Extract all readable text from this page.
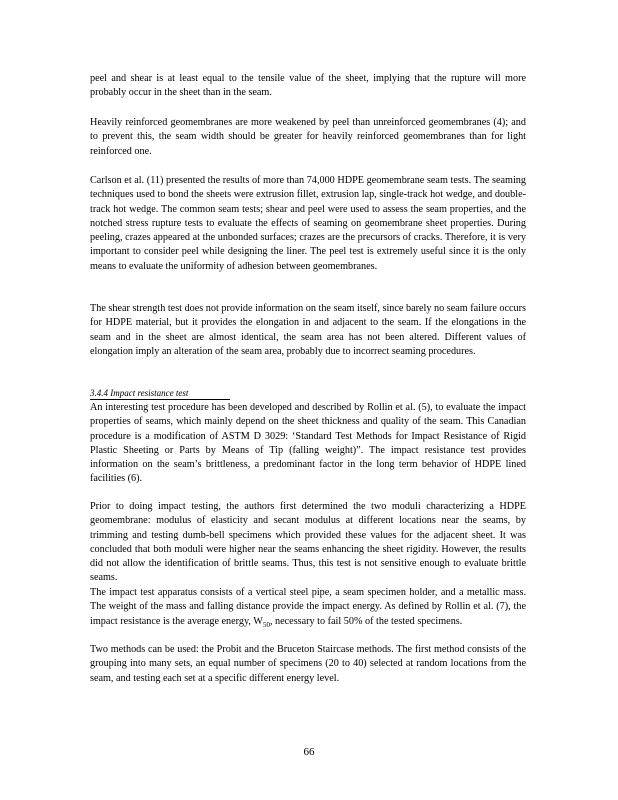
peel and shear is at least equal to the tensile value of the sheet, implying that the rupture will more probably occur in the sheet than in the seam.

Heavily reinforced geomembranes are more weakened by peel than unreinforced geomembranes (4); and to prevent this, the seam width should be greater for heavily reinforced geomembranes than for light reinforced one.

Carlson et al. (11) presented the results of more than 74,000 HDPE geomembrane seam tests. The seaming techniques used to bond the sheets were extrusion fillet, extrusion lap, single-track hot wedge, and double-track hot wedge. The common seam tests; shear and peel were used to assess the seam properties, and the notched stress rupture tests to evaluate the effects of seaming on geomembrane sheet properties. During peeling, crazes appeared at the unbonded surfaces; crazes are the precursors of cracks. Therefore, it is very important to consider peel while designing the liner. The peel test is extremely useful since it is the only means to evaluate the uniformity of adhesion between geomembranes.

The shear strength test does not provide information on the seam itself, since barely no seam failure occurs for HDPE material, but it provides the elongation in and adjacent to the seam. If the elongations in the seam and in the sheet are almost identical, the seam area has not been altered. Different values of elongation imply an alteration of the seam area, probably due to incorrect seaming procedures.

3.4.4 Impact resistance test

An interesting test procedure has been developed and described by Rollin et al. (5), to evaluate the impact properties of seams, which mainly depend on the sheet thickness and quality of the seam. This Canadian procedure is a modification of ASTM D 3029: ‘Standard Test Methods for Impact Resistance of Rigid Plastic Sheeting or Parts by Means of Tip (falling weight)”. The impact resistance test provides information on the seam’s brittleness, a predominant factor in the long term behavior of HDPE lined facilities (6).

Prior to doing impact testing, the authors first determined the two moduli characterizing a HDPE geomembrane: modulus of elasticity and secant modulus at different locations near the seams, by trimming and testing dumb-bell specimens which provided these values for the adjacent sheet. It was concluded that both moduli were higher near the seams enhancing the sheet rigidity. However, the results did not allow the identification of brittle seams. Thus, this test is not sensitive enough to evaluate brittle seams.

The impact test apparatus consists of a vertical steel pipe, a seam specimen holder, and a metallic mass. The weight of the mass and falling distance provide the impact energy. As defined by Rollin et al. (7), the impact resistance is the average energy, $W_{50}$, necessary to fail 50% of the tested specimens.

Two methods can be used: the Probit and the Bruceton Staircase methods. The first method consists of the grouping into many sets, an equal number of specimens (20 to 40) selected at random locations from the seam, and testing each set at a specific different energy level.

66
